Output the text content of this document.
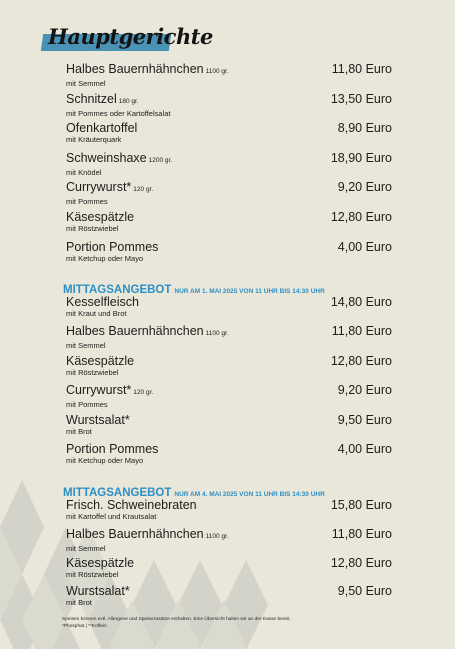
Hauptgerichte
Halbes Bauernhähnchen 1100 gr.
mit Semmel
11,80 Euro
Schnitzel 180 gr.
mit Pommes oder Kartoffelsalat
13,50 Euro
Ofenkartoffel
mit Kräuterquark
8,90 Euro
Schweinshaxe 1200 gr.
mit Knödel
18,90 Euro
Currywurst* 120 gr.
mit Pommes
9,20 Euro
Käsespätzle
mit Röstzwiebel
12,80 Euro
Portion Pommes
mit Ketchup oder Mayo
4,00 Euro
MITTAGSANGEBOT NUR AM 1. MAI 2025 VON 11 UHR BIS 14:30 UHR
Kesselfleisch
mit Kraut und Brot
14,80 Euro
Halbes Bauernhähnchen 1100 gr.
mit Semmel
11,80 Euro
Käsespätzle
mit Röstzwiebel
12,80 Euro
Currywurst* 120 gr.
mit Pommes
9,20 Euro
Wurstsalat*
mit Brot
9,50 Euro
Portion Pommes
mit Ketchup oder Mayo
4,00 Euro
MITTAGSANGEBOT NUR AM 4. MAI 2025 VON 11 UHR BIS 14:30 UHR
Frisch. Schweinebraten
mit Kartoffel und Krautsalat
15,80 Euro
Halbes Bauernhähnchen 1100 gr.
mit Semmel
11,80 Euro
Käsespätzle
mit Röstzwiebel
12,80 Euro
Wurstsalat*
mit Brot
9,50 Euro
Speisen können evtl. Allergene und Speisezusätze enthalten. Eine Übersicht halten wir an der Kasse bereit.
*Phosphat | **Koffein
